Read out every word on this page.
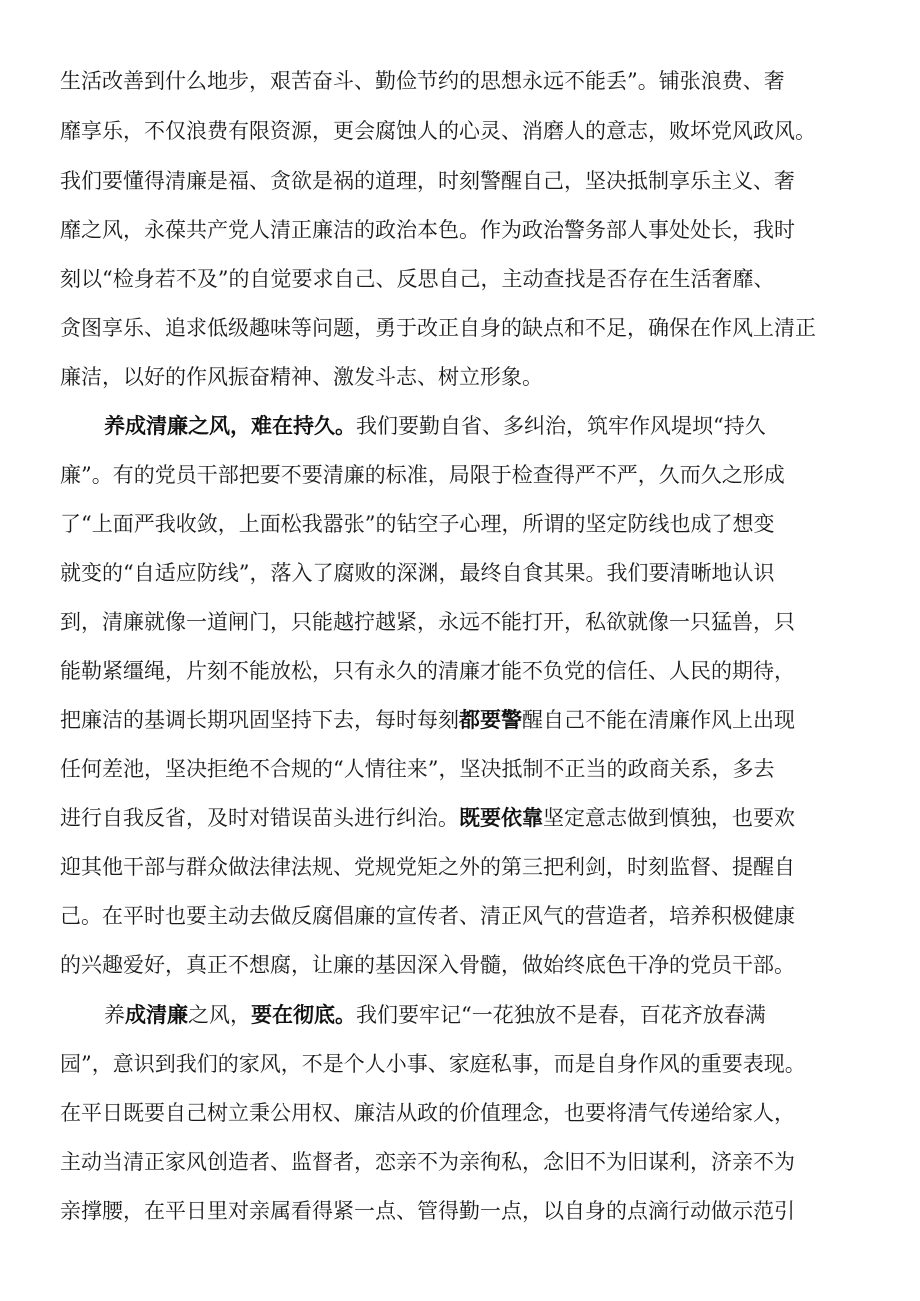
生活改善到什么地步，艰苦奋斗、勤俭节约的思想永远不能丢”。铺张浪费、奢
靡享乐，不仅浪费有限资源，更会腐蚀人的心灵、消磨人的意志，败坏党风政风。
我们要懂得清廉是福、贪欲是祸的道理，时刻警醒自己，坚决抵制享乐主义、奢
靡之风，永葆共产党人清正廉洁的政治本色。作为政治警务部人事处处长，我时
刻以“检身若不及”的自觉要求自己、反思自己，主动查找是否存在生活奢靡、
贪图享乐、追求低级趣味等问题，勇于改正自身的缺点和不足，确保在作风上清正
廉洁，以好的作风振奋精神、激发斗志、树立形象。
养成清廉之风，难在持久。我们要勤自省、多纠治，筑牢作风堤坝“持久
廉”。有的党员干部把要不要清廉的标准，局限于检查得严不严，久而久之形成
了“上面严我收敛，上面松我嚣张”的钻空子心理，所谓的坚定防线也成了想变
就变的“自适应防线”，落入了腐败的深渊，最终自食其果。我们要清晰地认识
到，清廉就像一道闸门，只能越拧越紧，永远不能打开，私欲就像一只猛兽，只
能勒紧缰绳，片刻不能放松，只有永久的清廉才能不负党的信任、人民的期待，
把廉洁的基调长期巩固坚持下去，每时每刻都要警醒自己不能在清廉作风上出现
任何差池，坚决拒绝不合规的“人情往来”，坚决抵制不正当的政商关系，多去
进行自我反省，及时对错误苗头进行纠治。既要依靠坚定意志做到慎独，也要欢
迎其他干部与群众做法律法规、党规党矩之外的第三把利剑，时刻监督、提醒自
己。在平时也要主动去做反腐倡廉的宣传者、清正风气的营造者，培养积极健康
的兴趣爱好，真正不想腐，让廉的基因深入骨髓，做始终底色干净的党员干部。
养成清廉之风，要在彻底。我们要牢记“一花独放不是春，百花齐放春满
园”，意识到我们的家风，不是个人小事、家庭私事，而是自身作风的重要表现。
在平日既要自己树立秉公用权、廉洁从政的价值理念，也要将清气传递给家人，
主动当清正家风创造者、监督者，恋亲不为亲徇私，念旧不为旧谋利，济亲不为
亲撑腰，在平日里对亲属看得紧一点、管得勤一点，以自身的点滴行动做示范引
